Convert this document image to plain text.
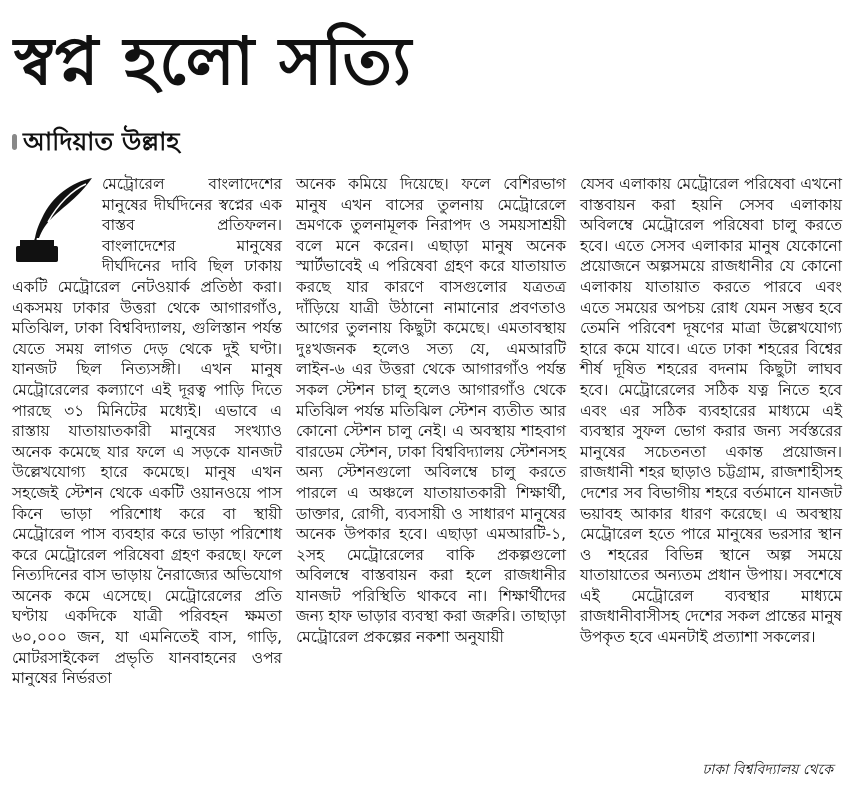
স্বপ্ন হলো সত্যি
আদিয়াত উল্লাহ

মেট্রোরেল বাংলাদেশের মানুষের দীর্ঘদিনের স্বপ্নের এক বাস্তব প্রতিফলন। বাংলাদেশের মানুষের দীর্ঘদিনের দাবি ছিল ঢাকায় একটি মেট্রোরেল নেটওয়ার্ক প্রতিষ্ঠা করা। একসময় ঢাকার উত্তরা থেকে আগারগাঁও, মতিঝিল, ঢাকা বিশ্ববিদ্যালয়, গুলিস্তান পর্যন্ত যেতে সময় লাগত দেড় থেকে দুই ঘণ্টা। যানজট ছিল নিত্যসঙ্গী। এখন মানুষ মেট্রোরেলের কল্যাণে এই দূরত্ব পাড়ি দিতে পারছে ৩১ মিনিটের মধ্যেই। এভাবে এ রাস্তায় যাতায়াতকারী মানুষের সংখ্যাও অনেক কমেছে যার ফলে এ সড়কে যানজট উল্লেখযোগ্য হারে কমেছে। মানুষ এখন সহজেই স্টেশন থেকে একটি ওয়ানওয়ে পাস কিনে ভাড়া পরিশোধ করে বা স্থায়ী মেট্রোরেল পাস ব্যবহার করে ভাড়া পরিশোধ করে মেট্রোরেল পরিষেবা গ্রহণ করছে। ফলে নিত্যদিনের বাস ভাড়ায় নৈরাজ্যের অভিযোগ অনেক কমে এসেছে। মেট্রোরেলের প্রতি ঘণ্টায় একদিকে যাত্রী পরিবহন ক্ষমতা ৬০,০০০ জন, যা এমনিতেই বাস, গাড়ি, মোটরসাইকেল প্রভৃতি যানবাহনের ওপর মানুষের নির্ভরতা

অনেক কমিয়ে দিয়েছে। ফলে বেশিরভাগ মানুষ এখন বাসের তুলনায় মেট্রোরেলে ভ্রমণকে তুলনামূলক নিরাপদ ও সময়সাশ্রয়ী বলে মনে করেন। এছাড়া মানুষ অনেক স্মার্টভাবেই এ পরিষেবা গ্রহণ করে যাতায়াত করছে যার কারণে বাসগুলোর যত্রতত্র দাঁড়িয়ে যাত্রী উঠানো নামানোর প্রবণতাও আগের তুলনায় কিছুটা কমেছে। এমতাবস্থায় দুঃখজনক হলেও সত্য যে, এমআরটি লাইন-৬ এর উত্তরা থেকে আগারগাঁও পর্যন্ত সকল স্টেশন চালু হলেও আগারগাঁও থেকে মতিঝিল পর্যন্ত মতিঝিল স্টেশন ব্যতীত আর কোনো স্টেশন চালু নেই। এ অবস্থায় শাহবাগ বারডেম স্টেশন, ঢাকা বিশ্ববিদ্যালয় স্টেশনসহ অন্য স্টেশনগুলো অবিলম্বে চালু করতে পারলে এ অঞ্চলে যাতায়াতকারী শিক্ষার্থী, ডাক্তার, রোগী, ব্যবসায়ী ও সাধারণ মানুষের অনেক উপকার হবে। এছাড়া এমআরটি-১, ২সহ মেট্রোরেলের বাকি প্রকল্পগুলো অবিলম্বে বাস্তবায়ন করা হলে রাজধানীর যানজট পরিস্থিতি থাকবে না। শিক্ষার্থীদের জন্য হাফ ভাড়ার ব্যবস্থা করা জরুরি। তাছাড়া মেট্রোরেল প্রকল্পের নকশা অনুযায়ী

যেসব এলাকায় মেট্রোরেল পরিষেবা এখনো বাস্তবায়ন করা হয়নি সেসব এলাকায় অবিলম্বে মেট্রোরেল পরিষেবা চালু করতে হবে। এতে সেসব এলাকার মানুষ যেকোনো প্রয়োজনে অল্পসময়ে রাজধানীর যে কোনো এলাকায় যাতায়াত করতে পারবে এবং এতে সময়ের অপচয় রোধ যেমন সম্ভব হবে তেমনি পরিবেশ দূষণের মাত্রা উল্লেখযোগ্য হারে কমে যাবে। এতে ঢাকা শহরের বিশ্বের শীর্ষ দূষিত শহরের বদনাম কিছুটা লাঘব হবে। মেট্রোরেলের সঠিক যত্ন নিতে হবে এবং এর সঠিক ব্যবহারের মাধ্যমে এই ব্যবস্থার সুফল ভোগ করার জন্য সর্বস্তরের মানুষের সচেতনতা একান্ত প্রয়োজন। রাজধানী শহর ছাড়াও চট্টগ্রাম, রাজশাহীসহ দেশের সব বিভাগীয় শহরে বর্তমানে যানজট ভয়াবহ আকার ধারণ করেছে। এ অবস্থায় মেট্রোরেল হতে পারে মানুষের ভরসার স্থান ও শহরের বিভিন্ন স্থানে অল্প সময়ে যাতায়াতের অন্যতম প্রধান উপায়। সবশেষে এই মেট্রোরেল ব্যবস্থার মাধ্যমে রাজধানীবাসীসহ দেশের সকল প্রান্তের মানুষ উপকৃত হবে এমনটাই প্রত্যাশা সকলের।

ঢাকা বিশ্ববিদ্যালয় থেকে
